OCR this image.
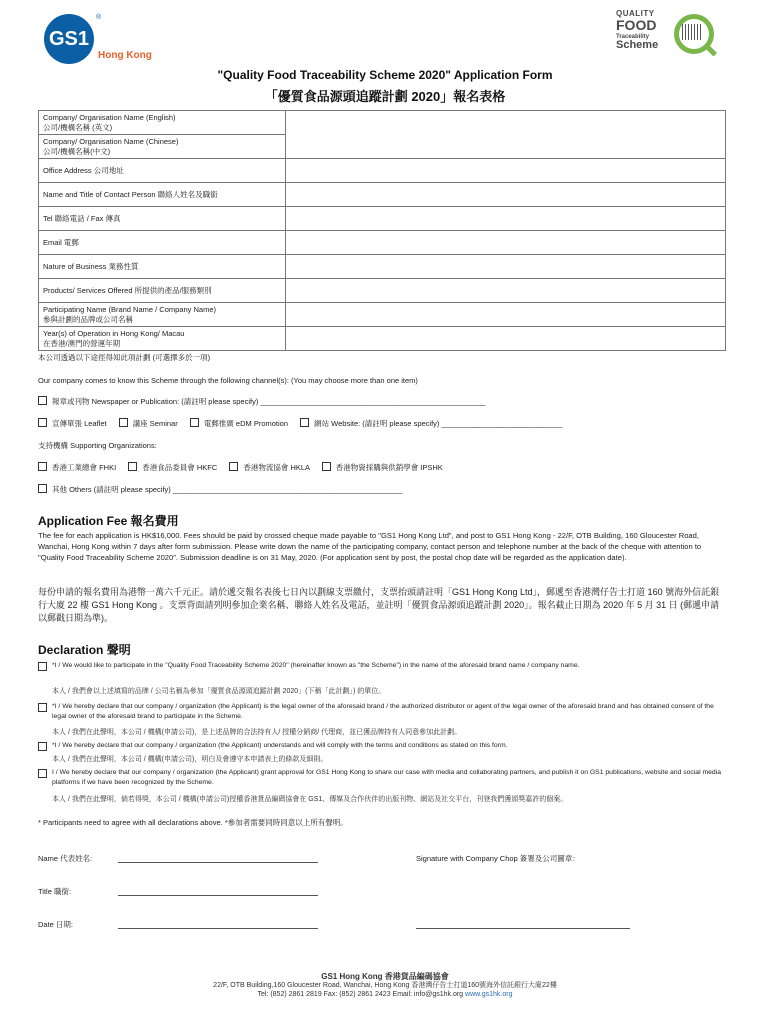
GS1
®
Hong Kong
QUALITY
FOOD
Traceability
Scheme
"Quality Food Traceability Scheme 2020" Application Form
「優質食品源頭追蹤計劃 2020」報名表格
Company/ Organisation Name (English)
公司/機構名稱 (英文)	

Company/ Organisation Name (Chinese)
公司/機構名稱(中文)	

Office Address 公司地址	
Name and Title of Contact Person 聯絡人姓名及職銜	
Tel 聯絡電話 / Fax 傳真	
Email 電郵	
Nature of Business 業務性質	
Products/ Services Offered 所提供的產品/服務類別	

Participating Name (Brand Name / Company Name)
參與計劃的品牌或公司名稱	

Year(s) of Operation in Hong Kong/ Macau
在香港/澳門的營運年期	

本公司透過以下途徑得知此項計劃 (可選擇多於一項)
Our company comes to know this Scheme through the following channel(s): (You may choose more than one item)
報章或刊物 Newspaper or Publication: (請註明 please specify) ______________________________________________________
宣傳單張 Leaflet	講座 Seminar	電郵推廣 eDM Promotion	網站 Website: (請註明 please specify) _____________________________
支持機構 Supporting Organizations:
香港工業總會 FHKI	香港食品委員會 HKFC	香港物流協會 HKLA	香港物資採購與供銷學會 IPSHK
其他 Others (請註明 please specify) _______________________________________________________
Application Fee 報名費用
The fee for each application is HK$16,000. Fees should be paid by crossed cheque made payable to "GS1 Hong Kong Ltd", and post to GS1 Hong Kong - 22/F, OTB Building, 160 Gloucester Road, Wanchai, Hong Kong within 7 days after form submission. Please write down the name of the participating company, contact person and telephone number at the back of the cheque with attention to "Quality Food Traceability Scheme 2020". Submission deadline is on 31 May, 2020. (For application sent by post, the postal chop date will be regarded as the application date).
每份申請的報名費用為港幣一萬六千元正。請於遞交報名表後七日內以劃線支票繳付，支票抬頭請註明「GS1 Hong Kong Ltd」，郵遞至香港灣仔告士打道 160 號海外信託銀行大廈 22 樓 GS1 Hong Kong 。支票背面請列明參加企業名稱、聯絡人姓名及電話，並註明「優質食品源頭追蹤計劃 2020」。報名截止日期為 2020 年 5 月 31 日 (郵遞申請以郵戳日期為準)。
Declaration 聲明
*I / We would like to participate in the "Quality Food Traceability Scheme 2020" (hereinafter known as "the Scheme") in the name of the aforesaid brand name / company name.
本人 / 我們會以上述填寫的品牌 / 公司名稱為參加「優質食品源頭追蹤計劃 2020」(下稱「此計劃」) 的單位。
*I / We hereby declare that our company / organization (the Applicant) is the legal owner of the aforesaid brand / the authorized distributor or agent of the legal owner of the aforesaid brand and has obtained consent of the legal owner of the aforesaid brand to participate in the Scheme.
本人 / 我們在此聲明，本公司 / 機構(申請公司)，是上述品牌的合法持有人/ 授權分銷商/ 代理商，並已獲品牌持有人同意參加此計劃。
*I / We hereby declare that our company / organization (the Applicant) understands and will comply with the terms and conditions as stated on this form.
本人 / 我們在此聲明，本公司 / 機構(申請公司)，明白及會遵守本申請表上的條款及細則。
I / We hereby declare that our company / organization (the Applicant) grant approval for GS1 Hong Kong to share our case with media and collaborating partners, and publish it on GS1 publications, website and social media platforms if we have been recognized by the Scheme.
本人 / 我們在此聲明，倘若得獎，本公司 / 機構(申請公司)授權香港貨品編碼協會在 GS1、傳媒及合作伙伴的出版刊物、網站及社交平台，刊登我們獲頒獎嘉許的個案。
* Participants need to agree with all declarations above. *參加者需要同時同意以上所有聲明。
Name 代表姓名:	Signature with Company Chop 簽署及公司圖章：
Title 職銜:
Date 日期:
GS1 Hong Kong 香港貨品編碼協會
22/F, OTB Building,160 Gloucester Road, Wanchai, Hong Kong 香港灣仔告士打道160號海外信託銀行大廈22樓
Tel: (852) 2861 2819 Fax: (852) 2861 2423 Email: info@gs1hk.org www.gs1hk.org
